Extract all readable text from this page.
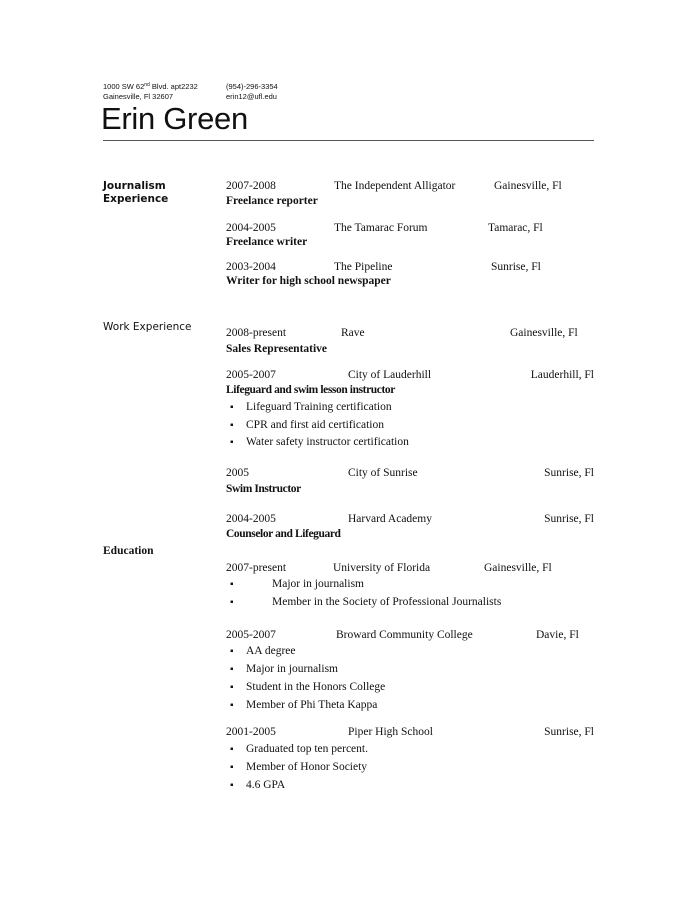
1000 SW 62nd Blvd. apt2232
Gainesville, Fl 32607
(954)-296-3354
erin12@ufl.edu
Erin Green
Journalism
Experience
2007-2008	The Independent Alligator	Gainesville, Fl
Freelance reporter
2004-2005	The Tamarac Forum	Tamarac, Fl
Freelance writer
2003-2004	The Pipeline	Sunrise, Fl
Writer for high school newspaper
Work Experience	2008-present	Rave	Gainesville, Fl
Sales Representative
2005-2007	City of Lauderhill	Lauderhill, Fl
Lifeguard and swim lesson instructor
▪ Lifeguard Training certification
▪ CPR and first aid certification
▪ Water safety instructor certification
2005	City of Sunrise	Sunrise, Fl
Swim Instructor
2004-2005	Harvard Academy	Sunrise, Fl
Counselor and Lifeguard
Education
2007-present	University of Florida	Gainesville, Fl
▪ Major in journalism
▪ Member in the Society of Professional Journalists
2005-2007	Broward Community College	Davie, Fl
▪ AA degree
▪ Major in journalism
▪ Student in the Honors College
▪ Member of Phi Theta Kappa
2001-2005	Piper High School	Sunrise, Fl
▪ Graduated top ten percent.
▪ Member of Honor Society
▪ 4.6 GPA
